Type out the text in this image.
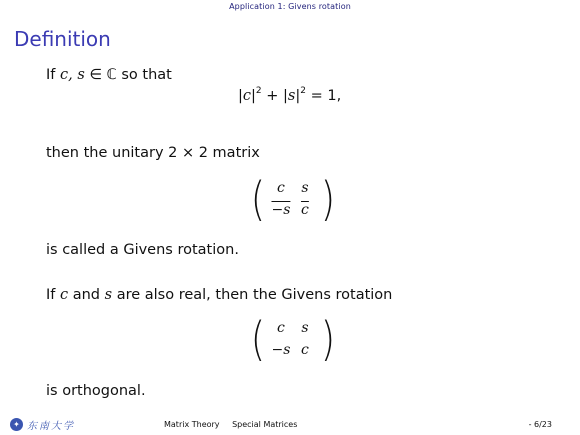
Application 1: Givens rotation
Definition
If c, s ∈ ℂ so that
$|c|^2 + |s|^2 = 1$,
then the unitary 2 × 2 matrix
( c s
−s $\overline{c}$ )
is called a Givens rotation.
If c and s are also real, then the Givens rotation
( c s
−s c )
is orthogonal.
✦ 东南大学	Matrix Theory Special Matrices	- 6/23
